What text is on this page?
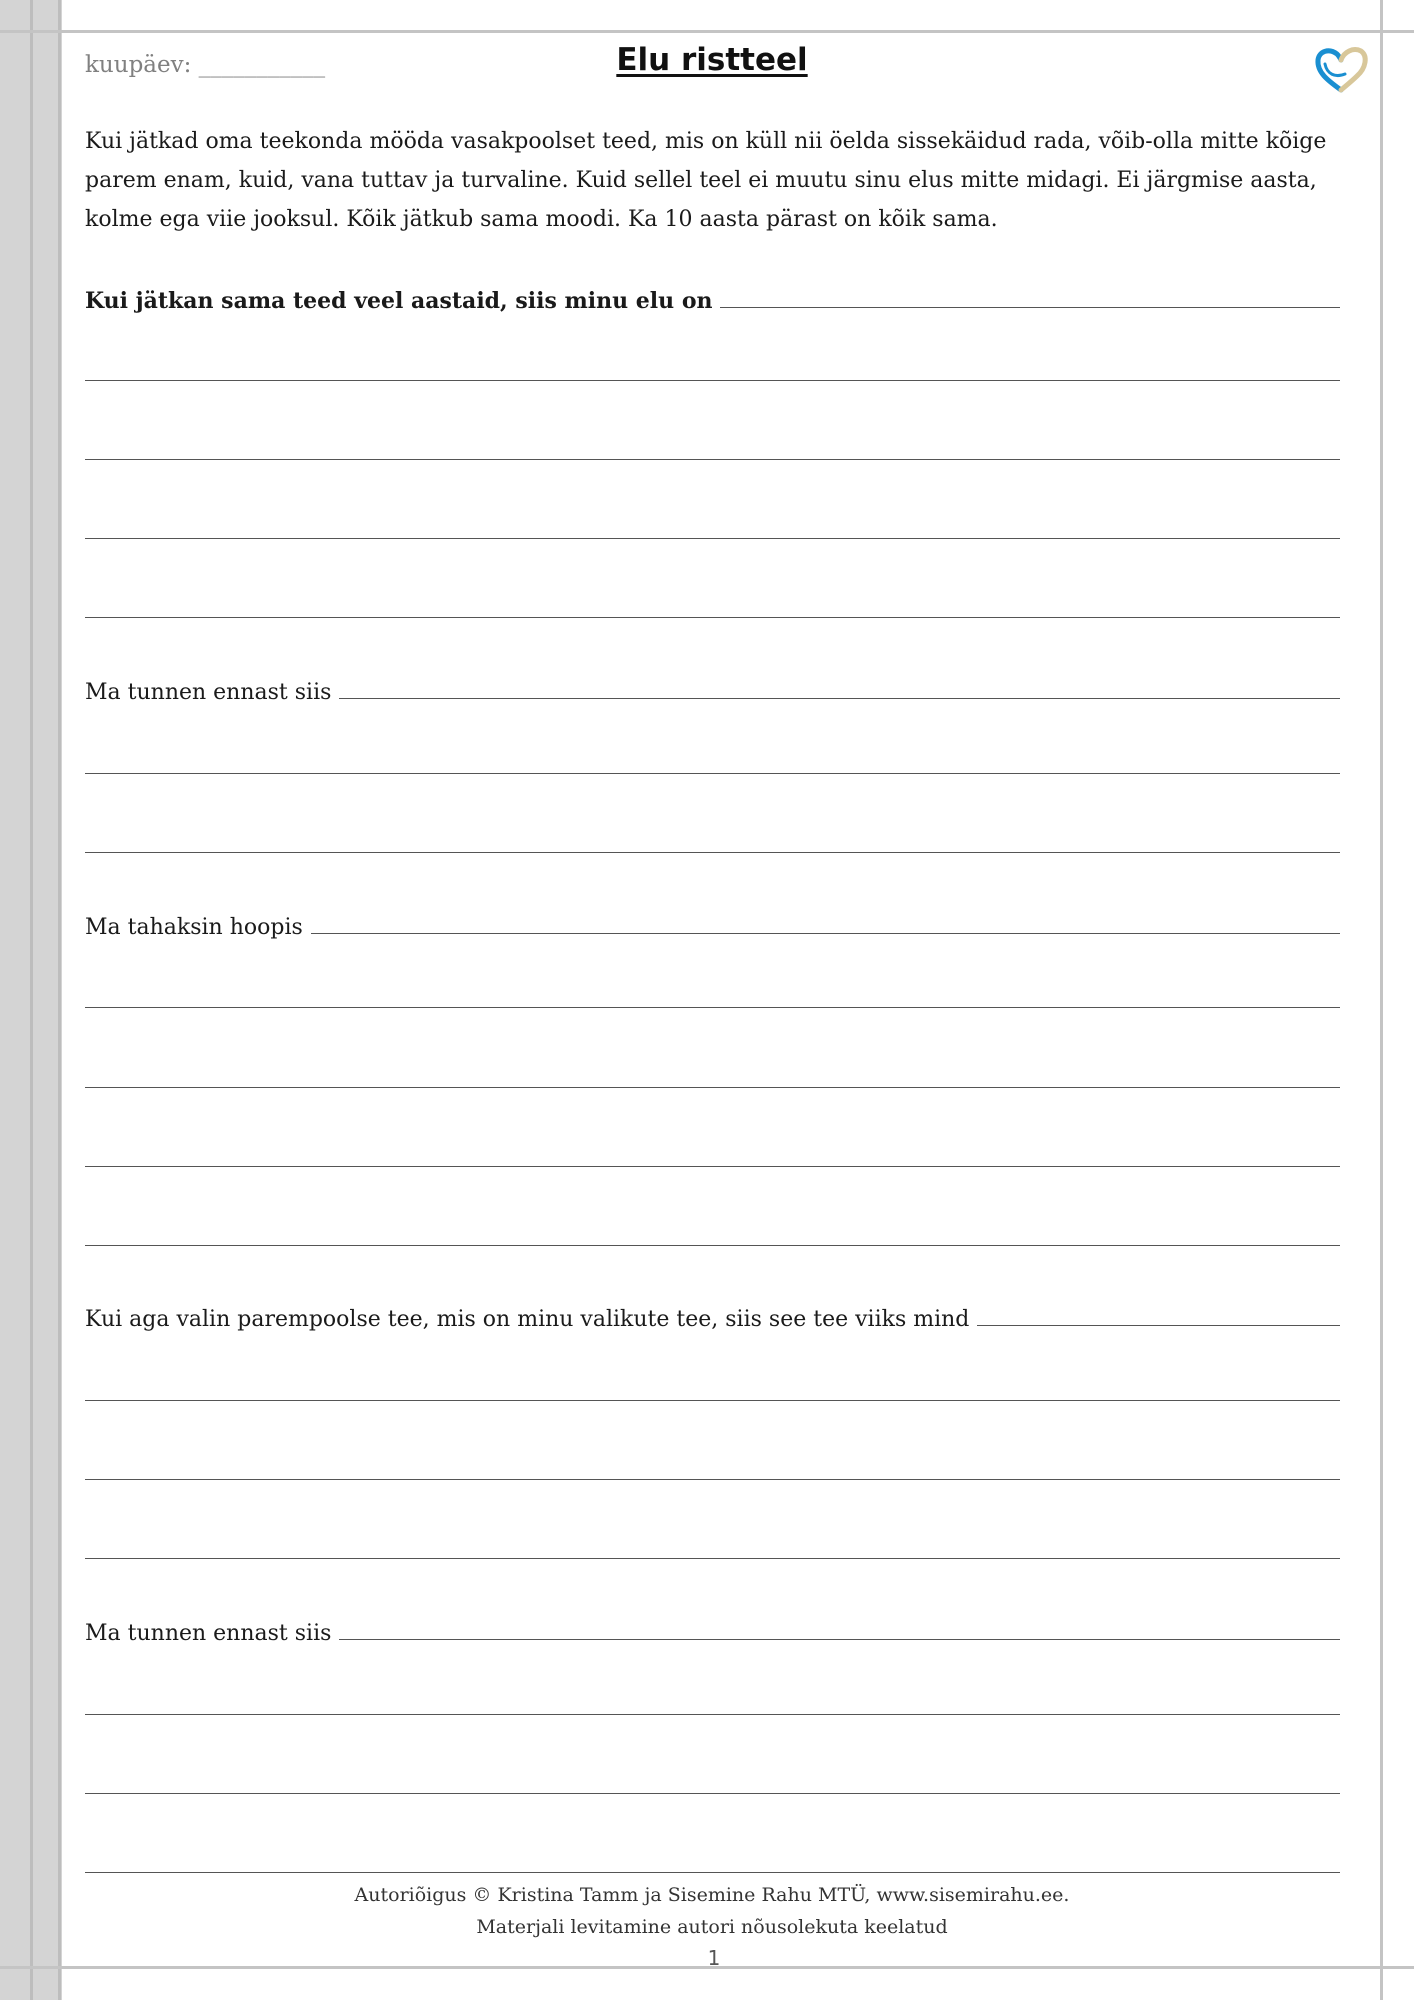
kuupäev: ___________	Elu ristteel

Kui jätkad oma teekonda mööda vasakpoolset teed, mis on küll nii öelda sissekäidud rada, võib-olla mitte kõige parem enam, kuid, vana tuttav ja turvaline. Kuid sellel teel ei muutu sinu elus mitte midagi. Ei järgmise aasta, kolme ega viie jooksul. Kõik jätkub sama moodi. Ka 10 aasta pärast on kõik sama.

Kui jätkan sama teed veel aastaid, siis minu elu on
Ma tunnen ennast siis
Ma tahaksin hoopis
Kui aga valin parempoolse tee, mis on minu valikute tee, siis see tee viiks mind
Ma tunnen ennast siis
Autoriõigus © Kristina Tamm ja Sisemine Rahu MTÜ, www.sisemirahu.ee.
Materjali levitamine autori nõusolekuta keelatud
1
